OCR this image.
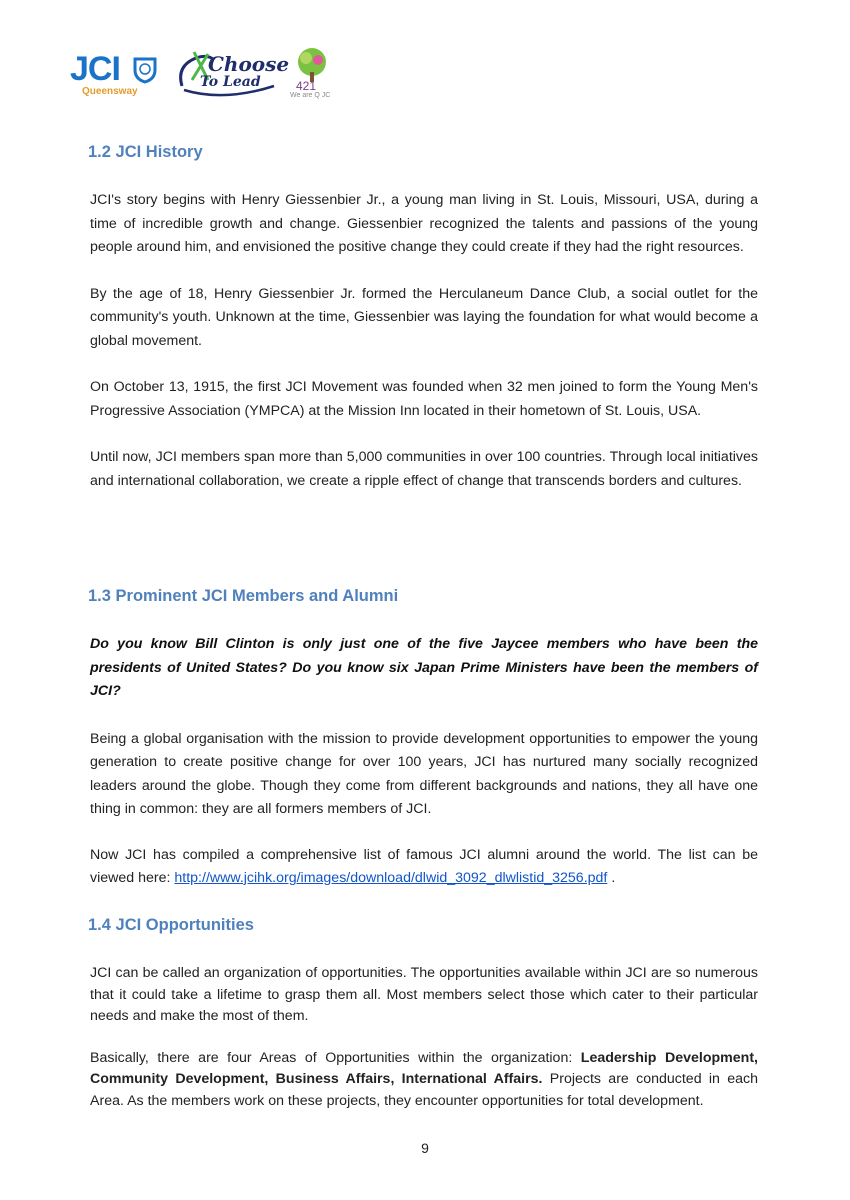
JCI
Queensway
Choose
To Lead	421
We are Q JC
1.2 JCI History

JCI's story begins with Henry Giessenbier Jr., a young man living in St. Louis, Missouri, USA, during a time of incredible growth and change. Giessenbier recognized the talents and passions of the young people around him, and envisioned the positive change they could create if they had the right resources.

By the age of 18, Henry Giessenbier Jr. formed the Herculaneum Dance Club, a social outlet for the community's youth. Unknown at the time, Giessenbier was laying the foundation for what would become a global movement.

On October 13, 1915, the first JCI Movement was founded when 32 men joined to form the Young Men's Progressive Association (YMPCA) at the Mission Inn located in their hometown of St. Louis, USA.

Until now, JCI members span more than 5,000 communities in over 100 countries. Through local initiatives and international collaboration, we create a ripple effect of change that transcends borders and cultures.

1.3 Prominent JCI Members and Alumni

Do you know Bill Clinton is only just one of the five Jaycee members who have been the presidents of United States? Do you know six Japan Prime Ministers have been the members of JCI?

Being a global organisation with the mission to provide development opportunities to empower the young generation to create positive change for over 100 years, JCI has nurtured many socially recognized leaders around the globe. Though they come from different backgrounds and nations, they all have one thing in common: they are all formers members of JCI.

Now JCI has compiled a comprehensive list of famous JCI alumni around the world. The list can be viewed here: http://www.jcihk.org/images/download/dlwid_3092_dlwlistid_3256.pdf .

1.4 JCI Opportunities

JCI can be called an organization of opportunities. The opportunities available within JCI are so numerous that it could take a lifetime to grasp them all. Most members select those which cater to their particular needs and make the most of them.

Basically, there are four Areas of Opportunities within the organization: Leadership Development, Community Development, Business Affairs, International Affairs. Projects are conducted in each Area. As the members work on these projects, they encounter opportunities for total development.

9
